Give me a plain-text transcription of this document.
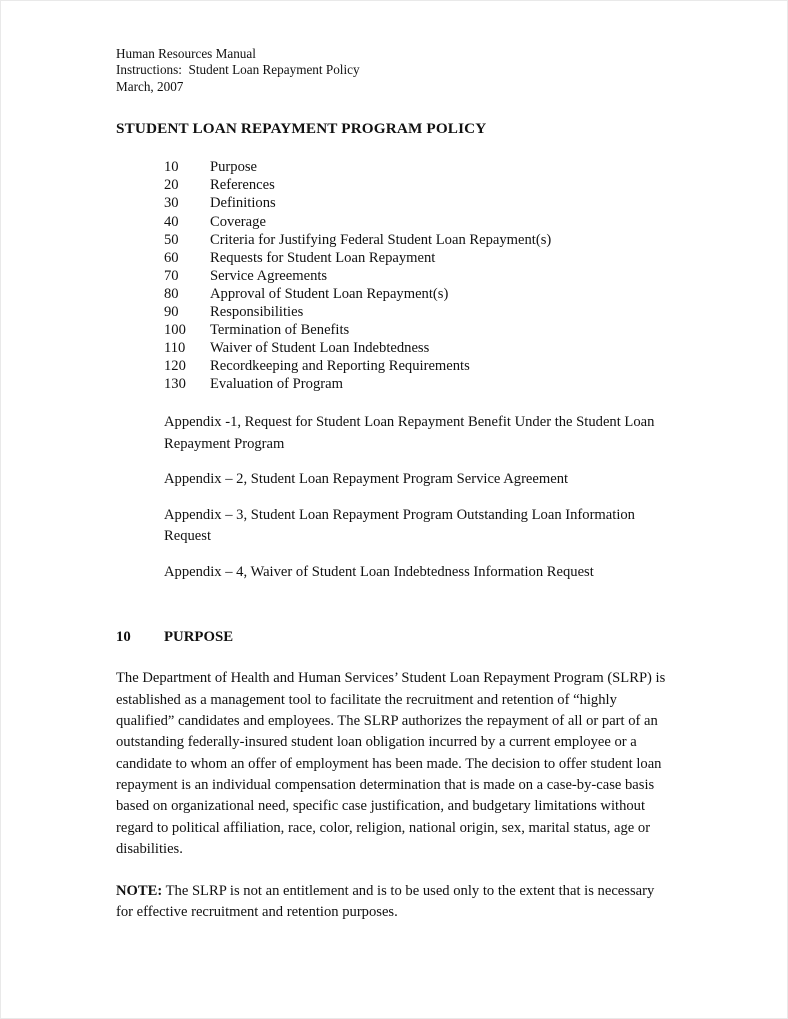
Human Resources Manual
Instructions:  Student Loan Repayment Policy
March, 2007
STUDENT LOAN REPAYMENT PROGRAM POLICY
10	Purpose
20	References
30	Definitions
40	Coverage
50	Criteria for Justifying Federal Student Loan Repayment(s)
60	Requests for Student Loan Repayment
70	Service Agreements
80	Approval of Student Loan Repayment(s)
90	Responsibilities
100	Termination of Benefits
110	Waiver of Student Loan Indebtedness
120	Recordkeeping and Reporting Requirements
130	Evaluation of Program
Appendix -1, Request for Student Loan Repayment Benefit Under the Student Loan Repayment Program
Appendix – 2, Student Loan Repayment Program Service Agreement
Appendix – 3, Student Loan Repayment Program Outstanding Loan Information Request
Appendix – 4, Waiver of Student Loan Indebtedness Information Request
10	PURPOSE
The Department of Health and Human Services’ Student Loan Repayment Program (SLRP) is established as a management tool to facilitate the recruitment and retention of “highly qualified” candidates and employees. The SLRP authorizes the repayment of all or part of an outstanding federally-insured student loan obligation incurred by a current employee or a candidate to whom an offer of employment has been made. The decision to offer student loan repayment is an individual compensation determination that is made on a case-by-case basis based on organizational need, specific case justification, and budgetary limitations without regard to political affiliation, race, color, religion, national origin, sex, marital status, age or disabilities.
NOTE: The SLRP is not an entitlement and is to be used only to the extent that is necessary for effective recruitment and retention purposes.
